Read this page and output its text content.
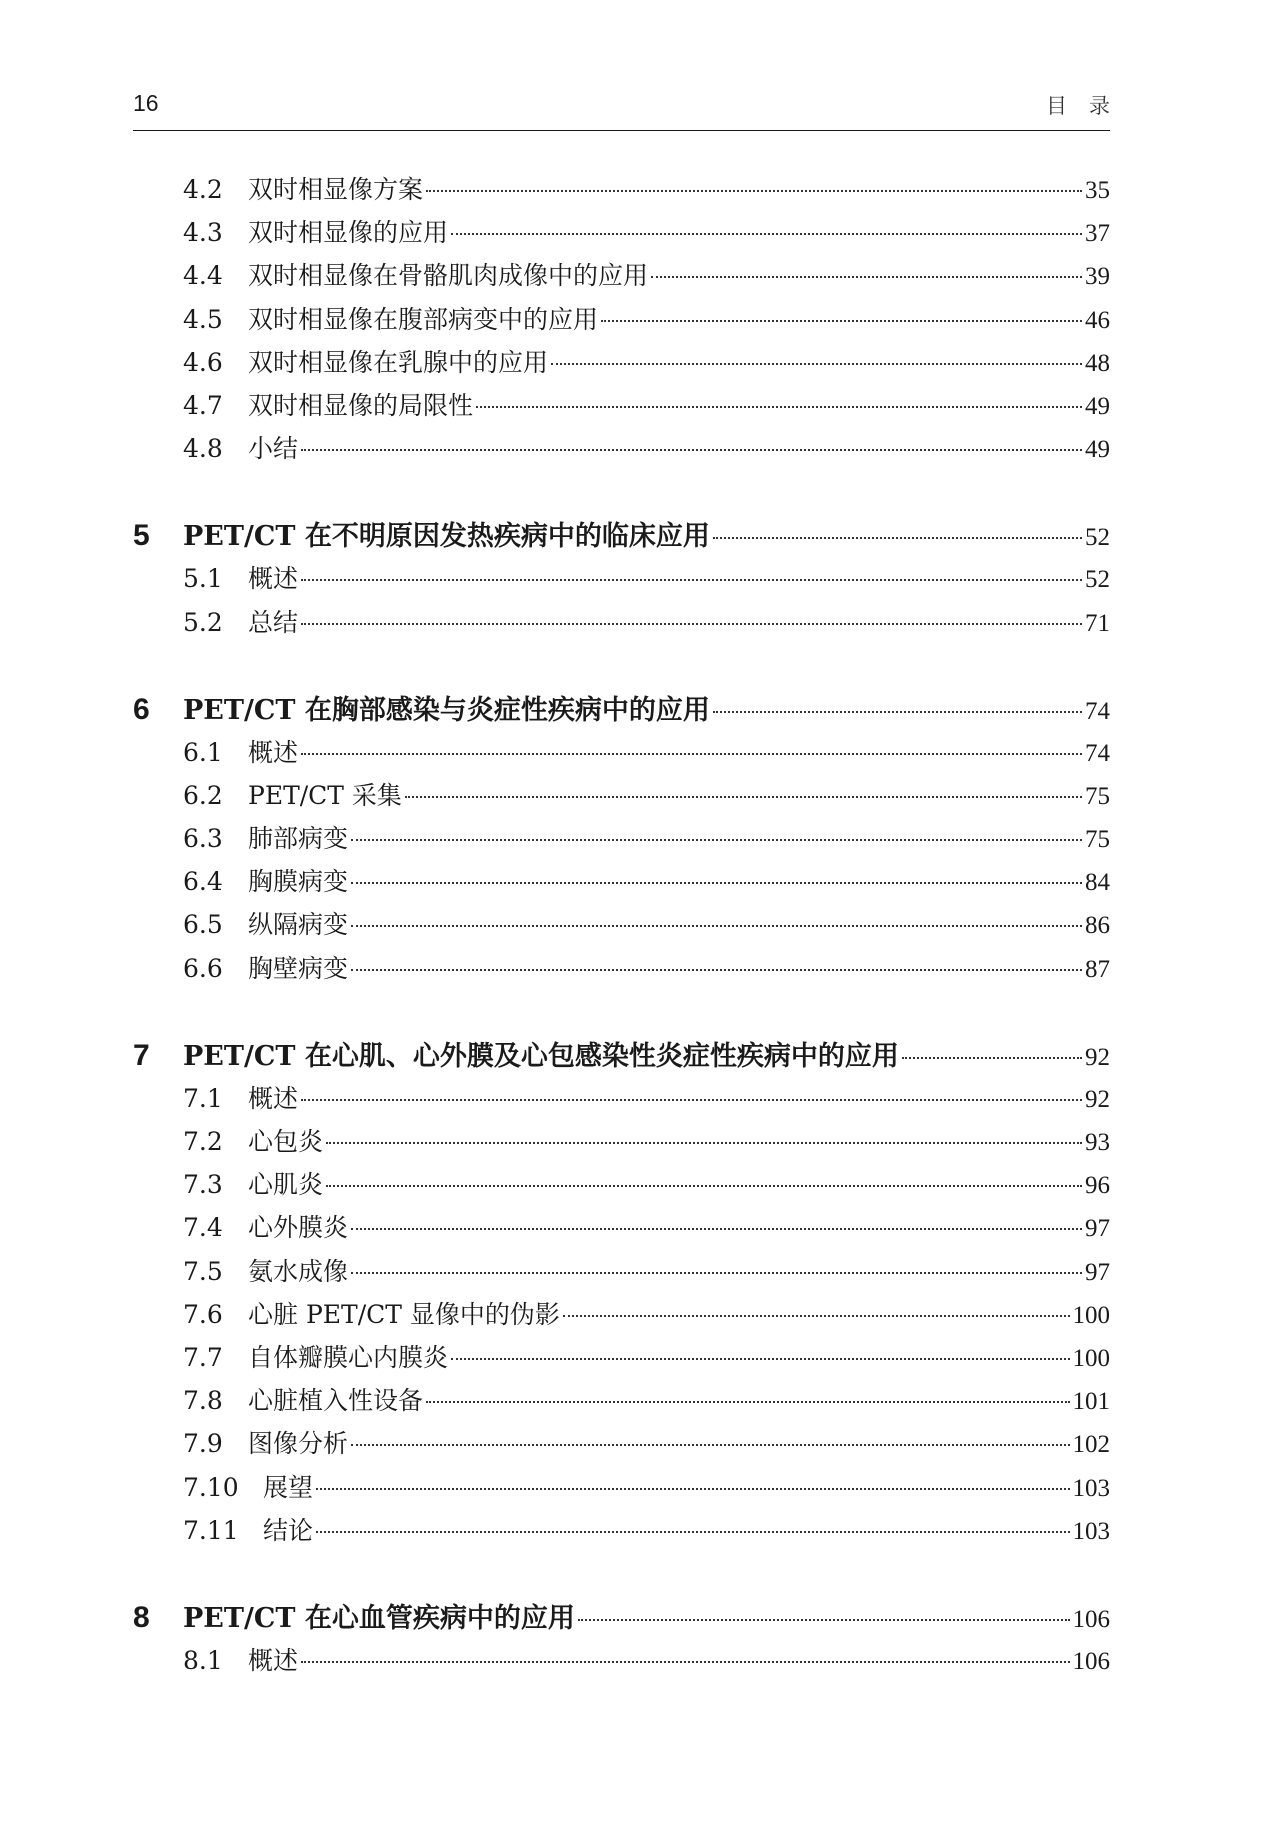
16	目录
4.2	双时相显像方案	35
4.3	双时相显像的应用	37
4.4	双时相显像在骨骼肌肉成像中的应用	39
4.5	双时相显像在腹部病变中的应用	46
4.6	双时相显像在乳腺中的应用	48
4.7	双时相显像的局限性	49
4.8	小结	49
5	PET/CT 在不明原因发热疾病中的临床应用	52
5.1	概述	52
5.2	总结	71
6	PET/CT 在胸部感染与炎症性疾病中的应用	74
6.1	概述	74
6.2	PET/CT 采集	75
6.3	肺部病变	75
6.4	胸膜病变	84
6.5	纵隔病变	86
6.6	胸壁病变	87
7	PET/CT 在心肌、心外膜及心包感染性炎症性疾病中的应用	92
7.1	概述	92
7.2	心包炎	93
7.3	心肌炎	96
7.4	心外膜炎	97
7.5	氨水成像	97
7.6	心脏 PET/CT 显像中的伪影	100
7.7	自体瓣膜心内膜炎	100
7.8	心脏植入性设备	101
7.9	图像分析	102
7.10 展望	103
7.11 结论	103
8	PET/CT 在心血管疾病中的应用	106
8.1	概述	106
